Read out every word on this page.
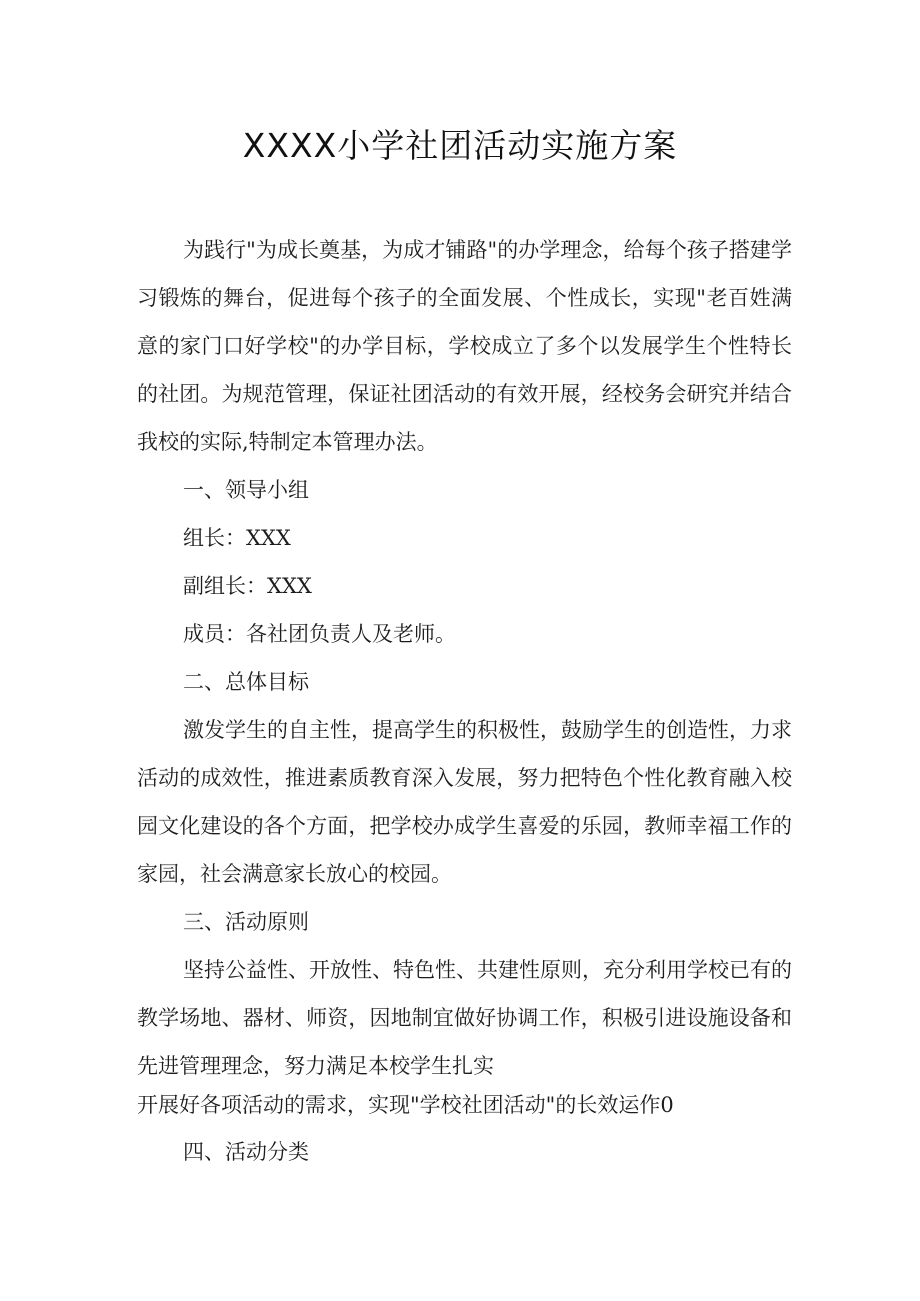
XXXX小学社团活动实施方案

为践行"为成长奠基，为成才铺路"的办学理念，给每个孩子搭建学习锻炼的舞台，促进每个孩子的全面发展、个性成长，实现"老百姓满意的家门口好学校"的办学目标，学校成立了多个以发展学生个性特长的社团。为规范管理，保证社团活动的有效开展，经校务会研究并结合我校的实际,特制定本管理办法。

一、领导小组

组长：XXX

副组长：XXX

成员：各社团负责人及老师。

二、总体目标

激发学生的自主性，提高学生的积极性，鼓励学生的创造性，力求活动的成效性，推进素质教育深入发展，努力把特色个性化教育融入校园文化建设的各个方面，把学校办成学生喜爱的乐园，教师幸福工作的家园，社会满意家长放心的校园。

三、活动原则

坚持公益性、开放性、特色性、共建性原则，充分利用学校已有的教学场地、器材、师资，因地制宜做好协调工作，积极引进设施设备和先进管理理念，努力满足本校学生扎实

开展好各项活动的需求，实现"学校社团活动"的长效运作0

四、活动分类
